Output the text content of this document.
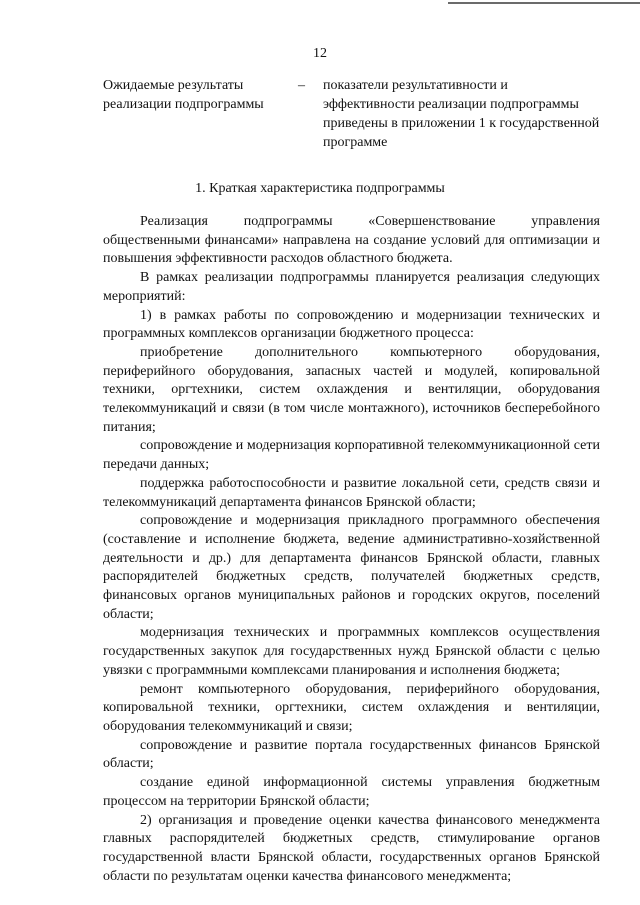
12
Ожидаемые результаты реализации подпрограммы
– показатели результативности и эффективности реализации подпрограммы приведены в приложении 1 к государственной программе
1. Краткая характеристика подпрограммы

Реализация подпрограммы «Совершенствование управления общественными финансами» направлена на создание условий для оптимизации и повышения эффективности расходов областного бюджета.

В рамках реализации подпрограммы планируется реализация следующих мероприятий:

1) в рамках работы по сопровождению и модернизации технических и программных комплексов организации бюджетного процесса:

приобретение дополнительного компьютерного оборудования, периферийного оборудования, запасных частей и модулей, копировальной техники, оргтехники, систем охлаждения и вентиляции, оборудования телекоммуникаций и связи (в том числе монтажного), источников бесперебойного питания;

сопровождение и модернизация корпоративной телекоммуникационной сети передачи данных;

поддержка работоспособности и развитие локальной сети, средств связи и телекоммуникаций департамента финансов Брянской области;

сопровождение и модернизация прикладного программного обеспечения (составление и исполнение бюджета, ведение административно-хозяйственной деятельности и др.) для департамента финансов Брянской области, главных распорядителей бюджетных средств, получателей бюджетных средств, финансовых органов муниципальных районов и городских округов, поселений области;

модернизация технических и программных комплексов осуществления государственных закупок для государственных нужд Брянской области с целью увязки с программными комплексами планирования и исполнения бюджета;

ремонт компьютерного оборудования, периферийного оборудования, копировальной техники, оргтехники, систем охлаждения и вентиляции, оборудования телекоммуникаций и связи;

сопровождение и развитие портала государственных финансов Брянской области;

создание единой информационной системы управления бюджетным процессом на территории Брянской области;

2) организация и проведение оценки качества финансового менеджмента главных распорядителей бюджетных средств, стимулирование органов государственной власти Брянской области, государственных органов Брянской области по результатам оценки качества финансового менеджмента;
